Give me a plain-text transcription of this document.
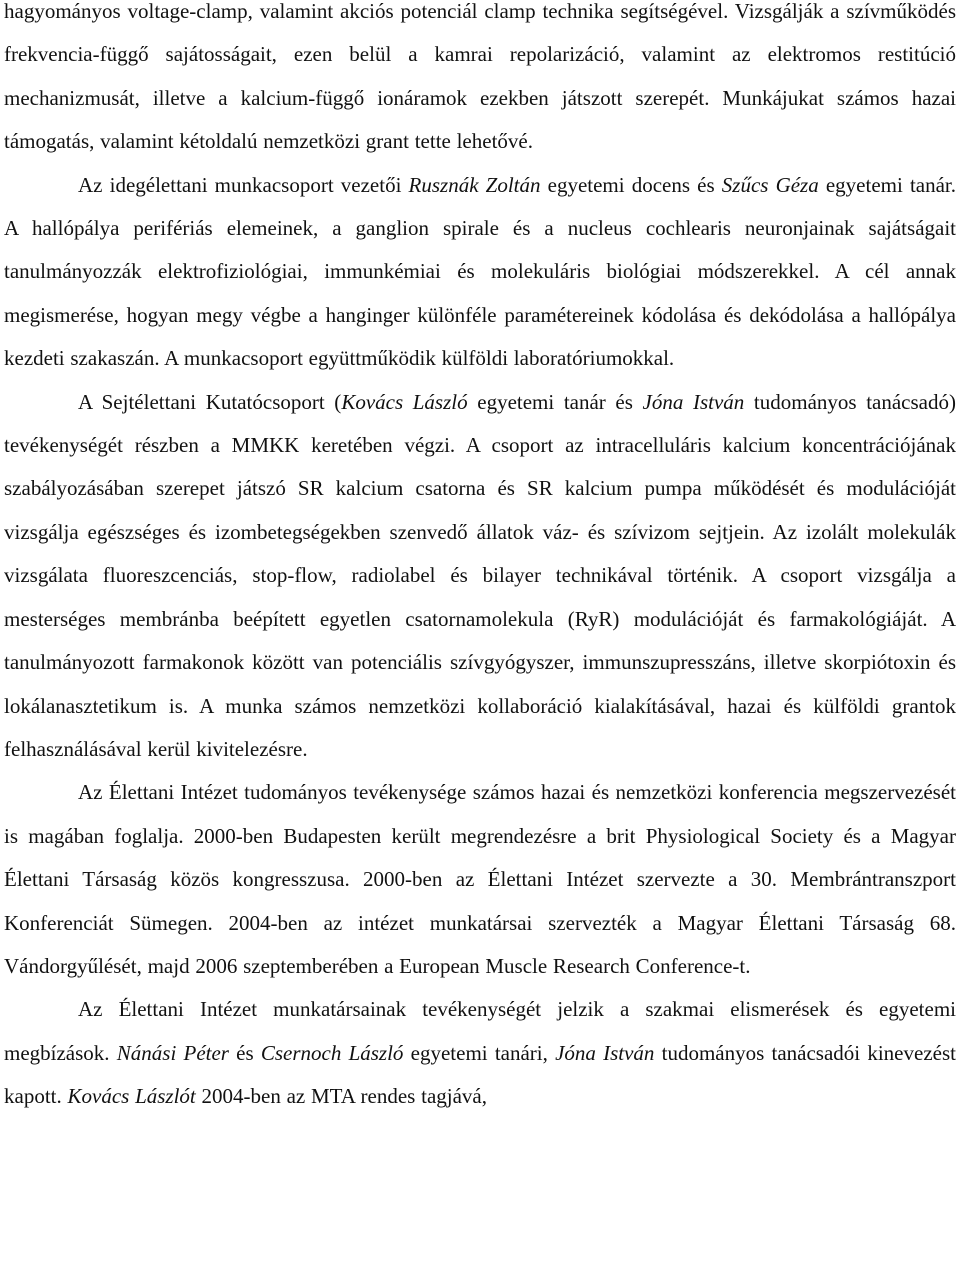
hagyományos voltage-clamp, valamint akciós potenciál clamp technika segítségével. Vizsgálják a szívműködés frekvencia-függő sajátosságait, ezen belül a kamrai repolarizáció, valamint az elektromos restitúció mechanizmusát, illetve a kalcium-függő ionáramok ezekben játszott szerepét. Munkájukat számos hazai támogatás, valamint kétoldalú nemzetközi grant tette lehetővé.

Az idegélettani munkacsoport vezetői Rusznák Zoltán egyetemi docens és Szűcs Géza egyetemi tanár. A hallópálya perifériás elemeinek, a ganglion spirale és a nucleus cochlearis neuronjainak sajátságait tanulmányozzák elektrofiziológiai, immunkémiai és molekuláris biológiai módszerekkel. A cél annak megismerése, hogyan megy végbe a hanginger különféle paramétereinek kódolása és dekódolása a hallópálya kezdeti szakaszán. A munkacsoport együttműködik külföldi laboratóriumokkal.

A Sejtélettani Kutatócsoport (Kovács László egyetemi tanár és Jóna István tudományos tanácsadó) tevékenységét részben a MMKK keretében végzi. A csoport az intracelluláris kalcium koncentrációjának szabályozásában szerepet játszó SR kalcium csatorna és SR kalcium pumpa működését és modulációját vizsgálja egészséges és izombetegségekben szenvedő állatok váz- és szívizom sejtjein. Az izolált molekulák vizsgálata fluoreszcenciás, stop-flow, radiolabel és bilayer technikával történik. A csoport vizsgálja a mesterséges membránba beépített egyetlen csatornamolekula (RyR) modulációját és farmakológiáját. A tanulmányozott farmakonok között van potenciális szívgyógyszer, immunszupresszáns, illetve skorpiótoxin és lokálanasztetikum is. A munka számos nemzetközi kollaboráció kialakításával, hazai és külföldi grantok felhasználásával kerül kivitelezésre.

Az Élettani Intézet tudományos tevékenysége számos hazai és nemzetközi konferencia megszervezését is magában foglalja. 2000-ben Budapesten került megrendezésre a brit Physiological Society és a Magyar Élettani Társaság közös kongresszusa. 2000-ben az Élettani Intézet szervezte a 30. Membrántranszport Konferenciát Sümegen. 2004-ben az intézet munkatársai szervezték a Magyar Élettani Társaság 68. Vándorgyűlését, majd 2006 szeptemberében a European Muscle Research Conference-t.

Az Élettani Intézet munkatársainak tevékenységét jelzik a szakmai elismerések és egyetemi megbízások. Nánási Péter és Csernoch László egyetemi tanári, Jóna István tudományos tanácsadói kinevezést kapott. Kovács Lászlót 2004-ben az MTA rendes tagjává,
